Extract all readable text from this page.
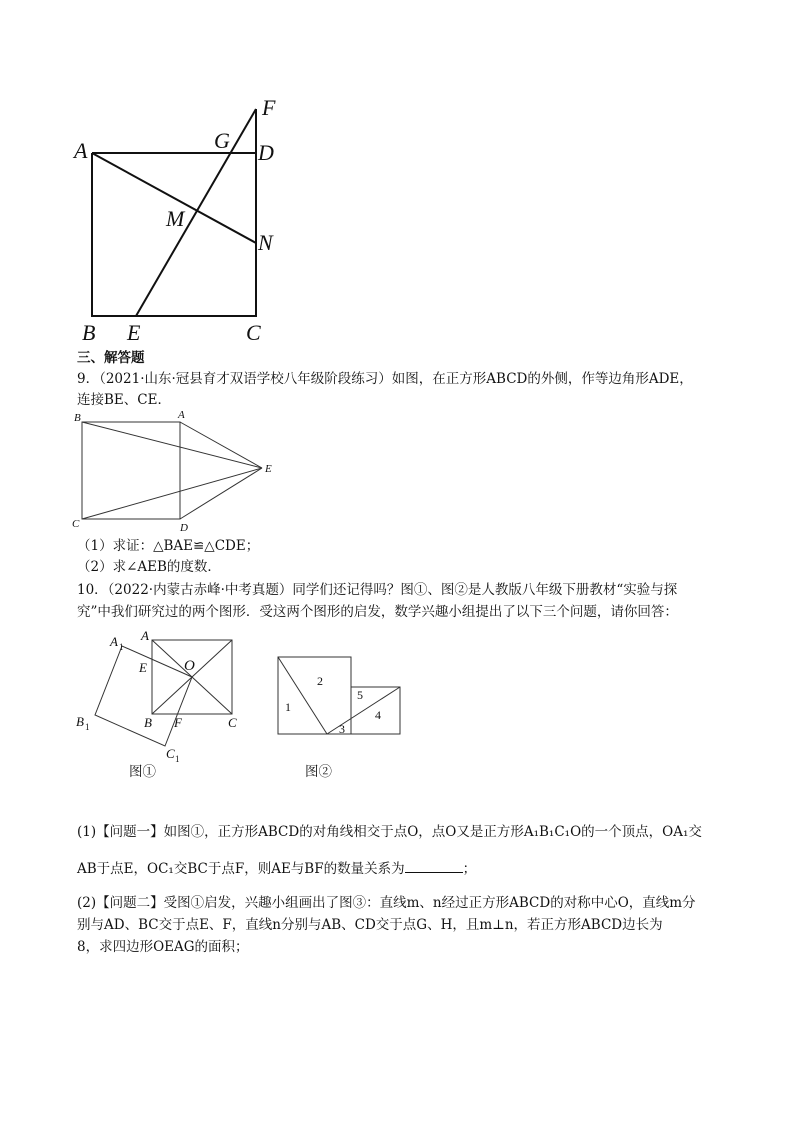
A	G D
F
M
N
B E	C
三、解答题
9．（2021·山东·冠县育才双语学校八年级阶段练习）如图，在正方形ABCD的外侧，作等边角形ADE，
连接BE、CE．
B	A
E
C	D
（1）求证：△BAE≌△CDE；
（2）求∠AEB的度数．
10．（2022·内蒙古赤峰·中考真题）同学们还记得吗？图①、图②是人教版八年级下册教材“实验与探
究”中我们研究过的两个图形．受这两个图形的启发，数学兴趣小组提出了以下三个问题，请你回答：
A
O
E
B F	C
A 1
B 1
C 1
图①
1
2
3
4
5
图②
(1)【问题一】如图①，正方形ABCD的对角线相交于点O，点O又是正方形A₁B₁C₁O的一个顶点，OA₁交
AB于点E，OC₁交BC于点F，则AE与BF的数量关系为	；
(2)【问题二】受图①启发，兴趣小组画出了图③：直线m、n经过正方形ABCD的对称中心O，直线m分
别与AD、BC交于点E、F，直线n分别与AB、CD交于点G、H，且m⊥n，若正方形ABCD边长为
8，求四边形OEAG的面积；
